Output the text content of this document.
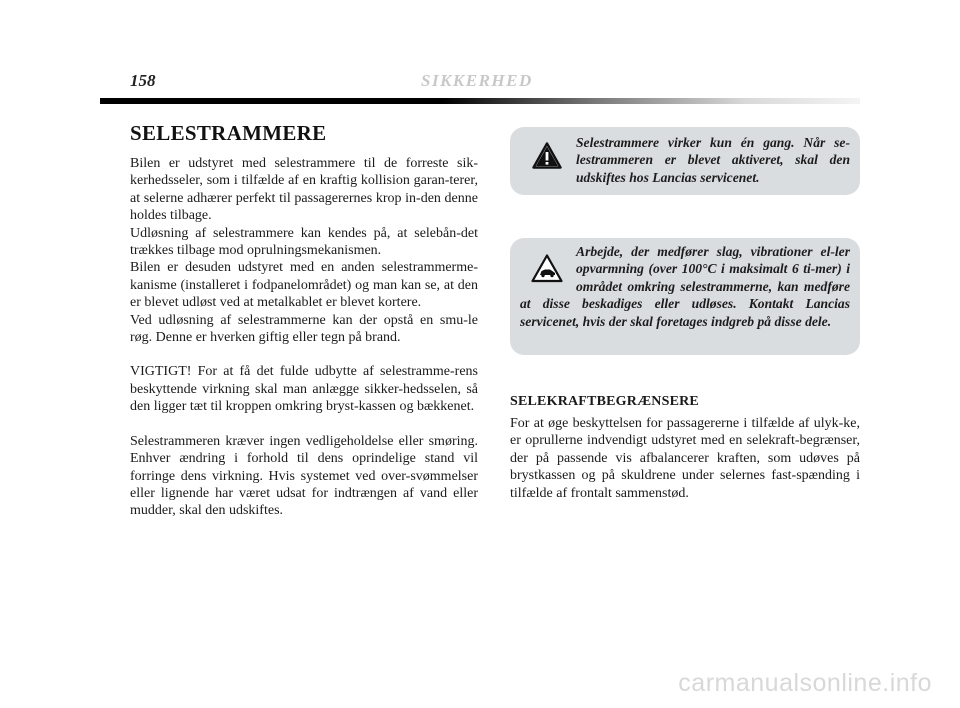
158	SIKKERHED
SELESTRAMMERE

Bilen er udstyret med selestrammere til de forreste sik-kerhedsseler, som i tilfælde af en kraftig kollision garan-terer, at selerne adhærer perfekt til passagerernes krop in-den denne holdes tilbage.

Udløsning af selestrammere kan kendes på, at selebån-det trækkes tilbage mod oprulningsmekanismen.

Bilen er desuden udstyret med en anden selestrammerme-kanisme (installeret i fodpanelområdet) og man kan se, at den er blevet udløst ved at metalkablet er blevet kortere.

Ved udløsning af selestrammerne kan der opstå en smu-le røg. Denne er hverken giftig eller tegn på brand.

VIGTIGT! For at få det fulde udbytte af selestramme-rens beskyttende virkning skal man anlægge sikker-hedsselen, så den ligger tæt til kroppen omkring bryst-kassen og bækkenet.

Selestrammeren kræver ingen vedligeholdelse eller smøring. Enhver ændring i forhold til dens oprindelige stand vil forringe dens virkning. Hvis systemet ved over-svømmelser eller lignende har været udsat for indtrængen af vand eller mudder, skal den udskiftes.

Selestrammere virker kun én gang. Når se-lestrammeren er blevet aktiveret, skal den udskiftes hos Lancias servicenet.
Arbejde, der medfører slag, vibrationer el-ler opvarmning (over 100°C i maksimalt 6 ti-mer) i området omkring selestrammerne, kan medføre at disse beskadiges eller udløses. Kontakt Lancias servicenet, hvis der skal foretages indgreb på disse dele.
SELEKRAFTBEGRÆNSERE

For at øge beskyttelsen for passagererne i tilfælde af ulyk-ke, er oprullerne indvendigt udstyret med en selekraft-begrænser, der på passende vis afbalancerer kraften, som udøves på brystkassen og på skuldrene under selernes fast-spænding i tilfælde af frontalt sammenstød.

carmanualsonline.info
